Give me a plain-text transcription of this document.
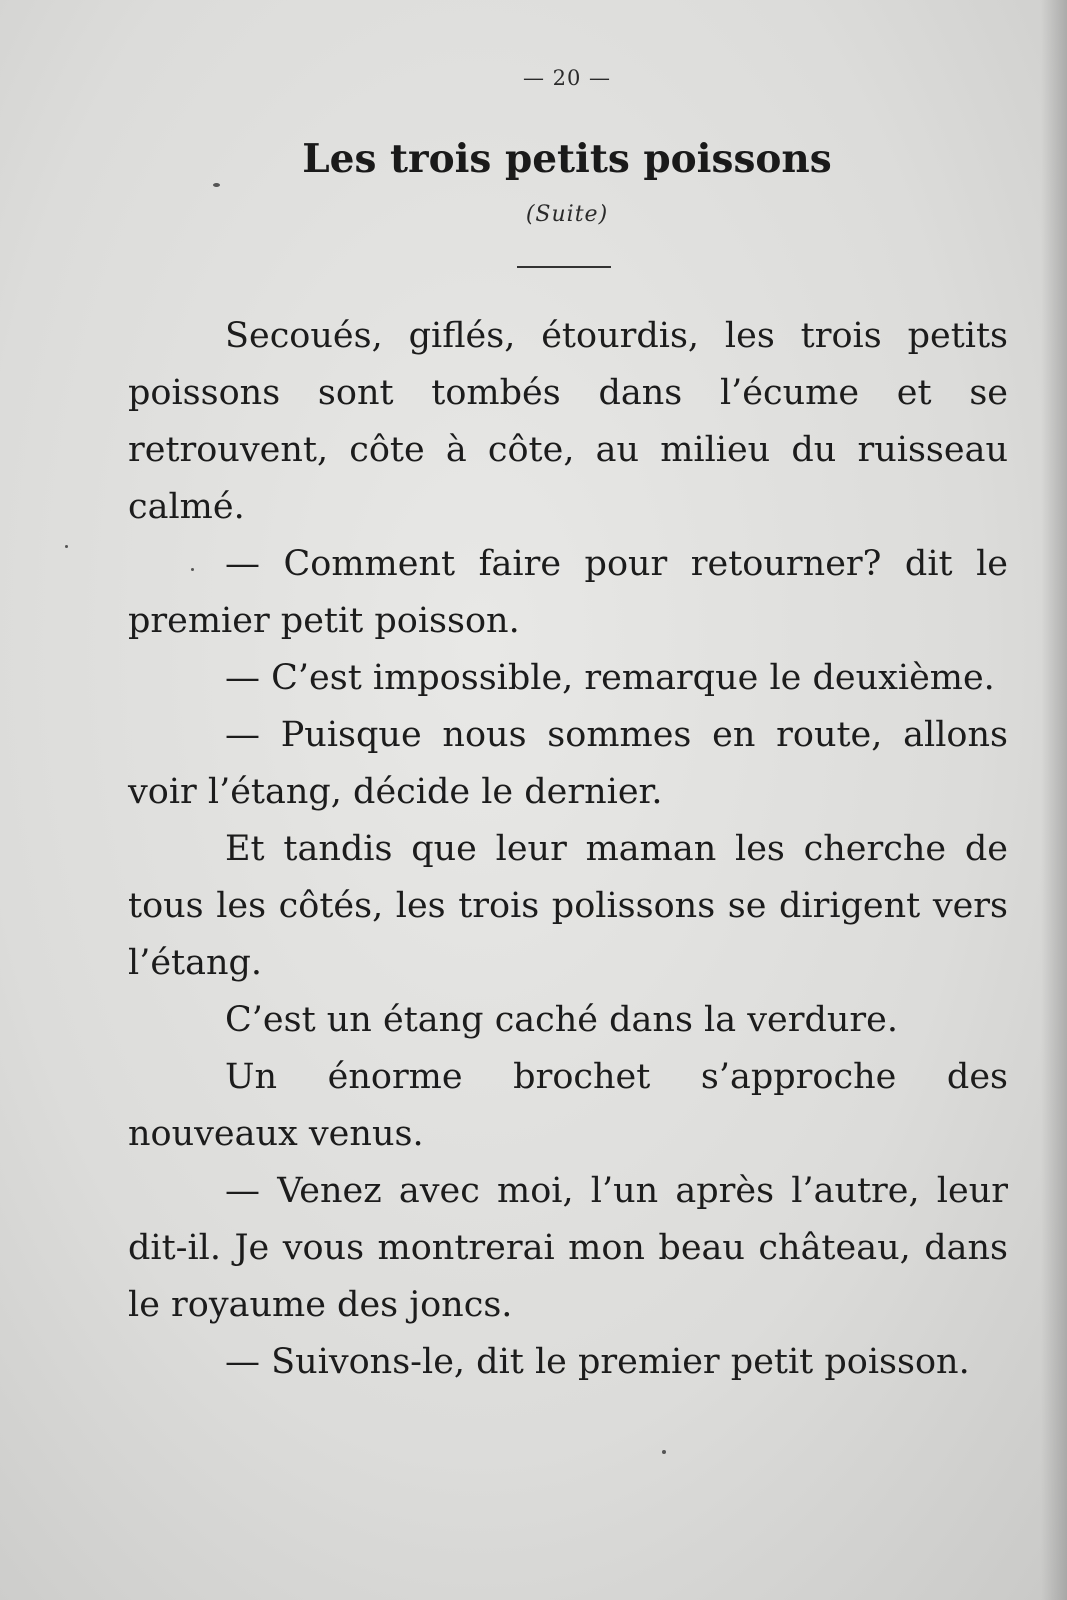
— 20 —
Les trois petits poissons
(Suite)

Secoués, giflés, étourdis, les trois petits poissons sont tombés dans l’écume et se retrouvent, côte à côte, au milieu du ruisseau calmé.

— Comment faire pour retourner? dit le premier petit poisson.

— C’est impossible, remarque le deuxième.

— Puisque nous sommes en route, allons voir l’étang, décide le dernier.

Et tandis que leur maman les cherche de tous les côtés, les trois polissons se dirigent vers l’étang.

C’est un étang caché dans la verdure.

Un énorme brochet s’approche des nouveaux venus.

— Venez avec moi, l’un après l’autre, leur dit-il. Je vous montrerai mon beau château, dans le royaume des joncs.

— Suivons-le, dit le premier petit poisson.
